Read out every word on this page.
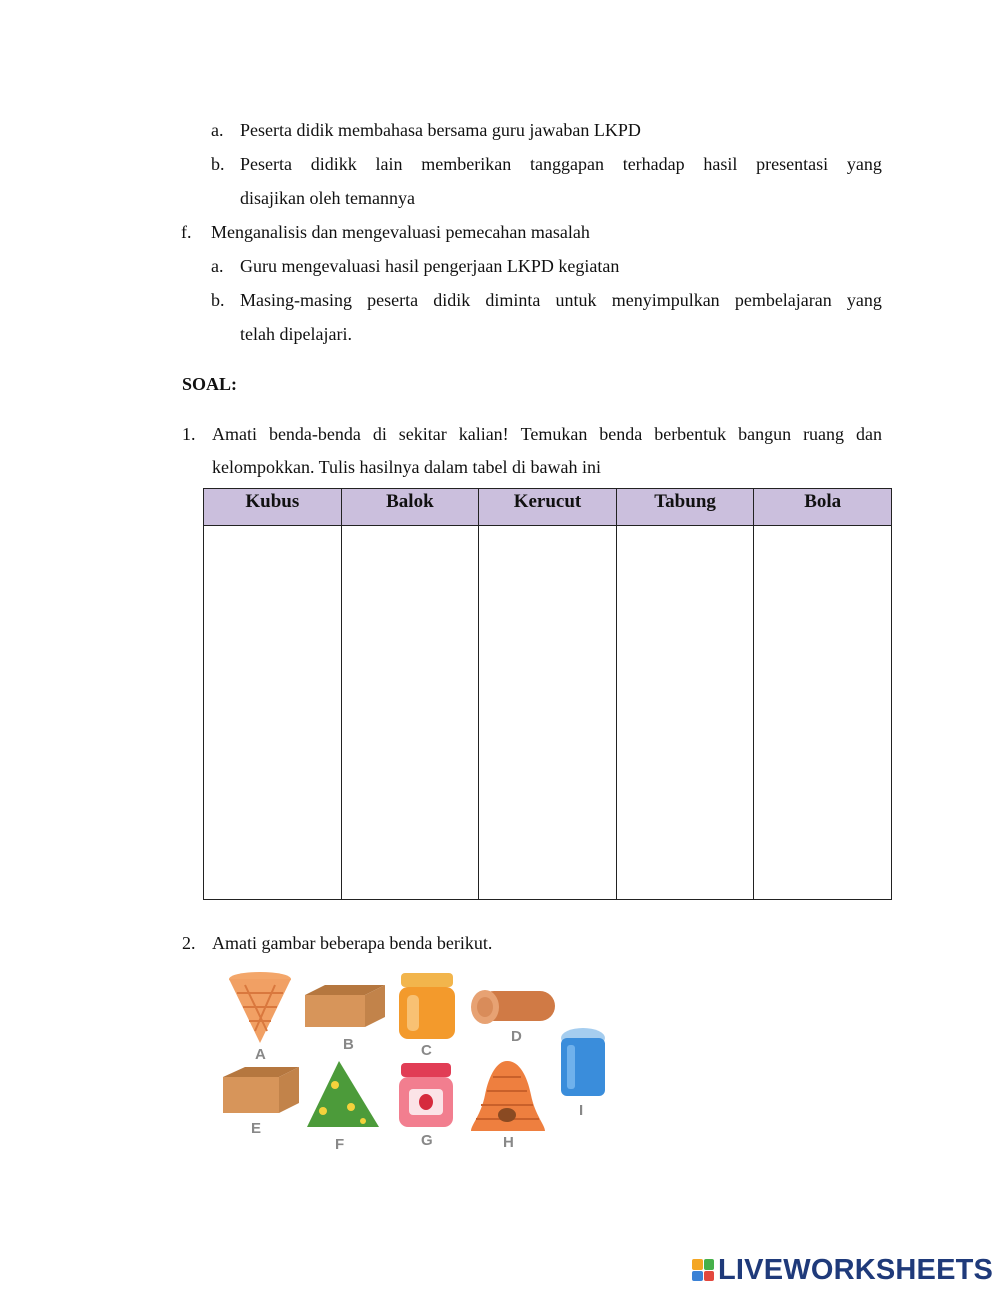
a. Peserta didik membahasa bersama guru jawaban LKPD
b. Peserta didikk lain memberikan tanggapan terhadap hasil presentasi yang
disajikan oleh temannya
f. Menganalisis dan mengevaluasi pemecahan masalah
a. Guru mengevaluasi hasil pengerjaan LKPD kegiatan
b. Masing-masing peserta didik diminta untuk menyimpulkan pembelajaran yang
telah dipelajari.
SOAL:
1. Amati benda-benda di sekitar kalian! Temukan benda berbentuk bangun ruang dan
kelompokkan. Tulis hasilnya dalam tabel di bawah ini
Kubus	Balok	Kerucut	Tabung	Bola

2. Amati gambar beberapa benda berikut.
A
B	C
D
I
E
F	G	H
LIVEWORKSHEETS
